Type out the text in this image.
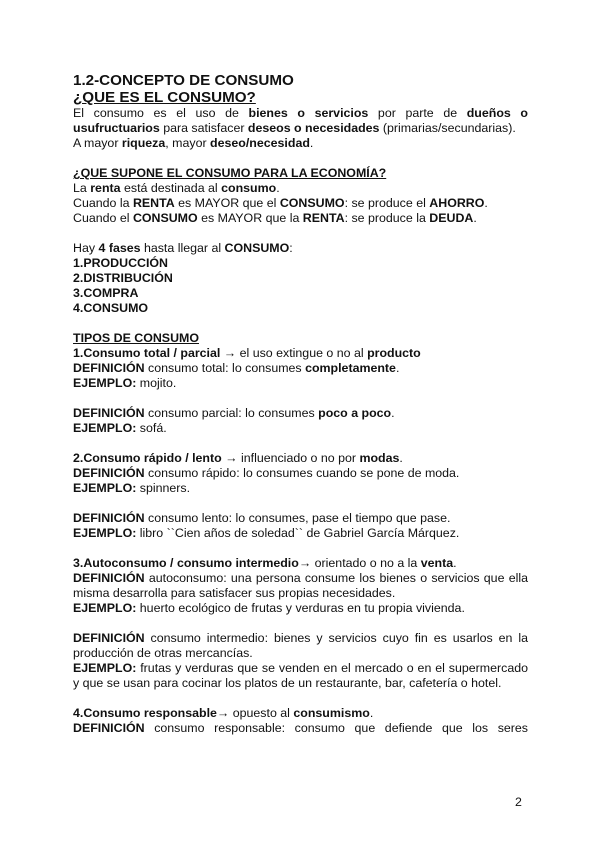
1.2-CONCEPTO DE CONSUMO
¿QUE ES EL CONSUMO?
El consumo es el uso de bienes o servicios por parte de dueños o usufructuarios para satisfacer deseos o necesidades (primarias/secundarias).
A mayor riqueza, mayor deseo/necesidad.
¿QUE SUPONE EL CONSUMO PARA LA ECONOMÍA?
La renta está destinada al consumo.
Cuando la RENTA es MAYOR que el CONSUMO: se produce el AHORRO.
Cuando el CONSUMO es MAYOR que la RENTA: se produce la DEUDA.
Hay 4 fases hasta llegar al CONSUMO:
1.PRODUCCIÓN
2.DISTRIBUCIÓN
3.COMPRA
4.CONSUMO
TIPOS DE CONSUMO
1.Consumo total / parcial → el uso extingue o no al producto
DEFINICIÓN consumo total: lo consumes completamente.
EJEMPLO: mojito.
DEFINICIÓN consumo parcial: lo consumes poco a poco.
EJEMPLO: sofá.
2.Consumo rápido / lento → influenciado o no por modas.
DEFINICIÓN consumo rápido: lo consumes cuando se pone de moda.
EJEMPLO: spinners.
DEFINICIÓN consumo lento: lo consumes, pase el tiempo que pase.
EJEMPLO: libro ``Cien años de soledad`` de Gabriel García Márquez.
3.Autoconsumo / consumo intermedio→ orientado o no a la venta.
DEFINICIÓN autoconsumo: una persona consume los bienes o servicios que ella misma desarrolla para satisfacer sus propias necesidades.
EJEMPLO: huerto ecológico de frutas y verduras en tu propia vivienda.
DEFINICIÓN consumo intermedio: bienes y servicios cuyo fin es usarlos en la producción de otras mercancías.
EJEMPLO: frutas y verduras que se venden en el mercado o en el supermercado y que se usan para cocinar los platos de un restaurante, bar, cafetería o hotel.
4.Consumo responsable→ opuesto al consumismo.
DEFINICIÓN consumo responsable: consumo que defiende que los seres
2
